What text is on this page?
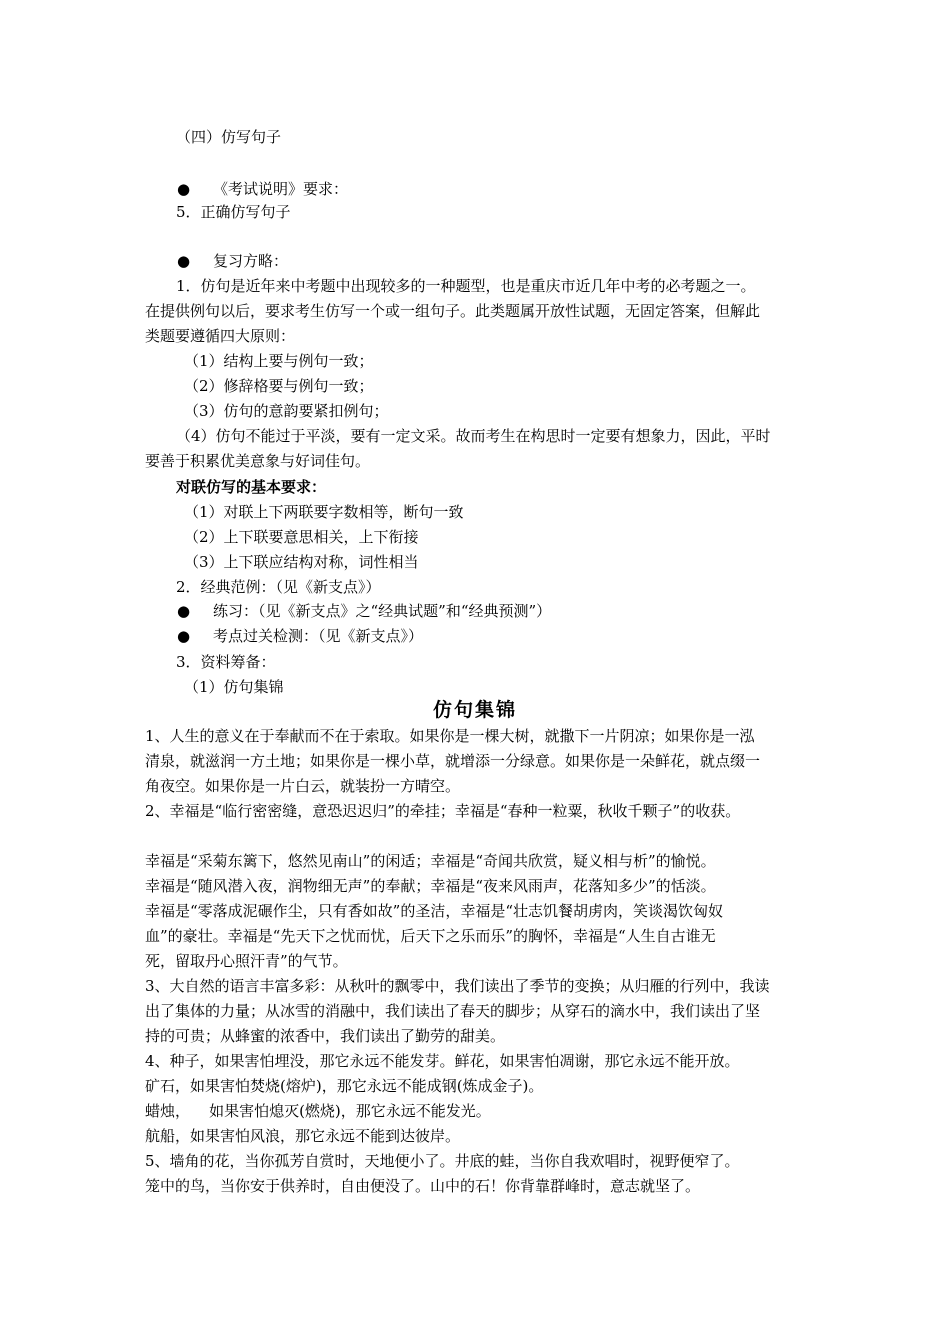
（四）仿写句子
● 《考试说明》要求：
5．正确仿写句子
● 复习方略：
1．仿句是近年来中考题中出现较多的一种题型，也是重庆市近几年中考的必考题之一。
在提供例句以后，要求考生仿写一个或一组句子。此类题属开放性试题，无固定答案，但解此
类题要遵循四大原则：
（1）结构上要与例句一致；
（2）修辞格要与例句一致；
（3）仿句的意韵要紧扣例句；
（4）仿句不能过于平淡，要有一定文采。故而考生在构思时一定要有想象力，因此，平时
要善于积累优美意象与好词佳句。
对联仿写的基本要求：
（1）对联上下两联要字数相等，断句一致
（2）上下联要意思相关，上下衔接
（3）上下联应结构对称，词性相当
2．经典范例：（见《新支点》）
● 练习：（见《新支点》之“经典试题”和“经典预测”）
● 考点过关检测：（见《新支点》）
3．资料筹备：
（1）仿句集锦
仿句集锦
1、人生的意义在于奉献而不在于索取。如果你是一棵大树，就撒下一片阴凉；如果你是一泓
清泉，就滋润一方土地；如果你是一棵小草，就增添一分绿意。如果你是一朵鲜花，就点缀一
角夜空。如果你是一片白云，就装扮一方晴空。
2、幸福是“临行密密缝，意恐迟迟归”的牵挂；幸福是“春种一粒粟，秋收千颗子”的收获。
幸福是“采菊东篱下，悠然见南山”的闲适；幸福是“奇闻共欣赏，疑义相与析”的愉悦。
幸福是“随风潜入夜，润物细无声”的奉献；幸福是“夜来风雨声，花落知多少”的恬淡。
幸福是“零落成泥碾作尘，只有香如故”的圣洁，幸福是“壮志饥餐胡虏肉，笑谈渴饮匈奴
血”的豪壮。幸福是“先天下之忧而忧，后天下之乐而乐”的胸怀，幸福是“人生自古谁无
死，留取丹心照汗青”的气节。
3、大自然的语言丰富多彩：从秋叶的飘零中，我们读出了季节的变换；从归雁的行列中，我读
出了集体的力量；从冰雪的消融中，我们读出了春天的脚步；从穿石的滴水中，我们读出了坚
持的可贵；从蜂蜜的浓香中，我们读出了勤劳的甜美。
4、种子，如果害怕埋没，那它永远不能发芽。鲜花，如果害怕凋谢，那它永远不能开放。
矿石，如果害怕焚烧(熔炉)，那它永远不能成钢(炼成金子)。
蜡烛，    如果害怕熄灭(燃烧)，那它永远不能发光。
航船，如果害怕风浪，那它永远不能到达彼岸。
5、墙角的花，当你孤芳自赏时，天地便小了。井底的蛙，当你自我欢唱时，视野便窄了。
笼中的鸟，当你安于供养时，自由便没了。山中的石！你背靠群峰时，意志就坚了。
